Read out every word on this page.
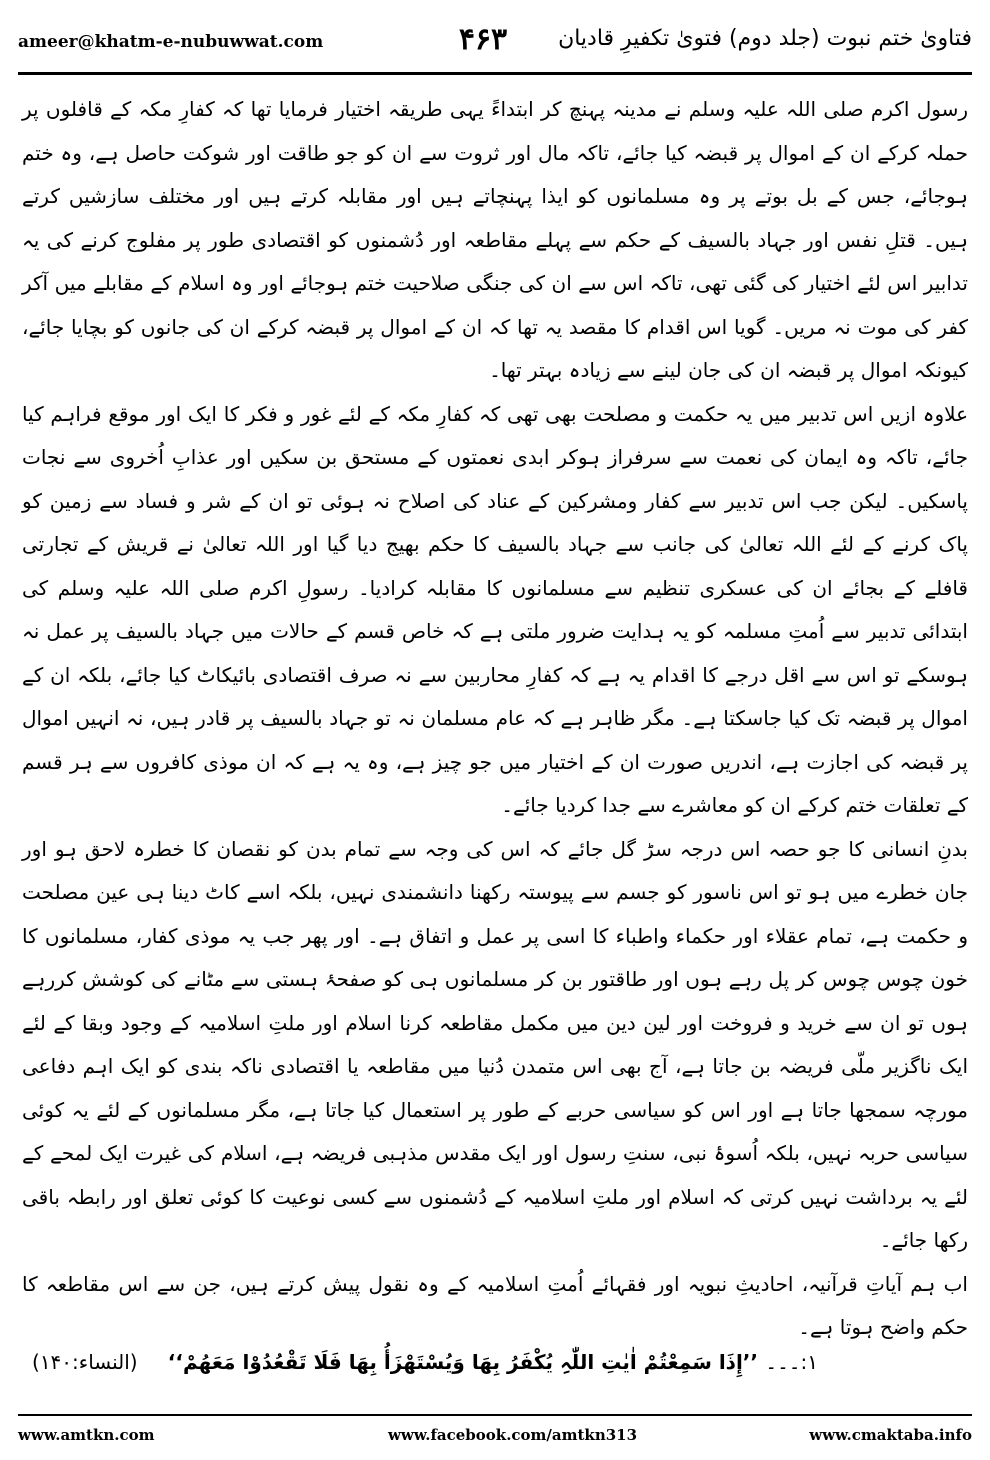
ameer@khatm-e-nubuwwat.com	۴۶۳	فتاویٰ ختم نبوت (جلد دوم) فتویٰ تکفیرِ قادیان

رسول اکرم صلی اللہ علیہ وسلم نے مدینہ پہنچ کر ابتداءً یہی طریقہ اختیار فرمایا تھا کہ کفارِ مکہ کے قافلوں پر حملہ کرکے ان کے اموال پر قبضہ کیا جائے، تاکہ مال اور ثروت سے ان کو جو طاقت اور شوکت حاصل ہے، وہ ختم ہوجائے، جس کے بل بوتے پر وہ مسلمانوں کو ایذا پہنچاتے ہیں اور مقابلہ کرتے ہیں اور مختلف سازشیں کرتے ہیں۔ قتلِ نفس اور جہاد بالسیف کے حکم سے پہلے مقاطعہ اور دُشمنوں کو اقتصادی طور پر مفلوج کرنے کی یہ تدابیر اس لئے اختیار کی گئی تھی، تاکہ اس سے ان کی جنگی صلاحیت ختم ہوجائے اور وہ اسلام کے مقابلے میں آکر کفر کی موت نہ مریں۔ گویا اس اقدام کا مقصد یہ تھا کہ ان کے اموال پر قبضہ کرکے ان کی جانوں کو بچایا جائے، کیونکہ اموال پر قبضہ ان کی جان لینے سے زیادہ بہتر تھا۔

علاوہ ازیں اس تدبیر میں یہ حکمت و مصلحت بھی تھی کہ کفارِ مکہ کے لئے غور و فکر کا ایک اور موقع فراہم کیا جائے، تاکہ وہ ایمان کی نعمت سے سرفراز ہوکر ابدی نعمتوں کے مستحق بن سکیں اور عذابِ اُخروی سے نجات پاسکیں۔ لیکن جب اس تدبیر سے کفار ومشرکین کے عناد کی اصلاح نہ ہوئی تو ان کے شر و فساد سے زمین کو پاک کرنے کے لئے اللہ تعالیٰ کی جانب سے جہاد بالسیف کا حکم بھیج دیا گیا اور اللہ تعالیٰ نے قریش کے تجارتی قافلے کے بجائے ان کی عسکری تنظیم سے مسلمانوں کا مقابلہ کرادیا۔ رسولِ اکرم صلی اللہ علیہ وسلم کی ابتدائی تدبیر سے اُمتِ مسلمہ کو یہ ہدایت ضرور ملتی ہے کہ خاص قسم کے حالات میں جہاد بالسیف پر عمل نہ ہوسکے تو اس سے اقل درجے کا اقدام یہ ہے کہ کفارِ محاربین سے نہ صرف اقتصادی بائیکاٹ کیا جائے، بلکہ ان کے اموال پر قبضہ تک کیا جاسکتا ہے۔ مگر ظاہر ہے کہ عام مسلمان نہ تو جہاد بالسیف پر قادر ہیں، نہ انہیں اموال پر قبضہ کی اجازت ہے، اندریں صورت ان کے اختیار میں جو چیز ہے، وہ یہ ہے کہ ان موذی کافروں سے ہر قسم کے تعلقات ختم کرکے ان کو معاشرے سے جدا کردیا جائے۔

بدنِ انسانی کا جو حصہ اس درجہ سڑ گل جائے کہ اس کی وجہ سے تمام بدن کو نقصان کا خطرہ لاحق ہو اور جان خطرے میں ہو تو اس ناسور کو جسم سے پیوستہ رکھنا دانشمندی نہیں، بلکہ اسے کاٹ دینا ہی عین مصلحت و حکمت ہے، تمام عقلاء اور حکماء واطباء کا اسی پر عمل و اتفاق ہے۔ اور پھر جب یہ موذی کفار، مسلمانوں کا خون چوس چوس کر پل رہے ہوں اور طاقتور بن کر مسلمانوں ہی کو صفحۂ ہستی سے مٹانے کی کوشش کررہے ہوں تو ان سے خرید و فروخت اور لین دین میں مکمل مقاطعہ کرنا اسلام اور ملتِ اسلامیہ کے وجود وبقا کے لئے ایک ناگزیر ملّی فریضہ بن جاتا ہے، آج بھی اس متمدن دُنیا میں مقاطعہ یا اقتصادی ناکہ بندی کو ایک اہم دفاعی مورچہ سمجھا جاتا ہے اور اس کو سیاسی حربے کے طور پر استعمال کیا جاتا ہے، مگر مسلمانوں کے لئے یہ کوئی سیاسی حربہ نہیں، بلکہ اُسوۂ نبی، سنتِ رسول اور ایک مقدس مذہبی فریضہ ہے، اسلام کی غیرت ایک لمحے کے لئے یہ برداشت نہیں کرتی کہ اسلام اور ملتِ اسلامیہ کے دُشمنوں سے کسی نوعیت کا کوئی تعلق اور رابطہ باقی رکھا جائے۔

اب ہم آیاتِ قرآنیہ، احادیثِ نبویہ اور فقہائے اُمتِ اسلامیہ کے وہ نقول پیش کرتے ہیں، جن سے اس مقاطعہ کا حکم واضح ہوتا ہے۔

۱:۔۔۔
’’إِذَا سَمِعْتُمْ اٰیٰتِ اللّٰہِ یُکْفَرُ بِھَا وَیُسْتَھْزَأُ بِھَا فَلَا تَقْعُدُوْا مَعَھُمْ‘‘
(النساء:۱۴۰)
www.amtkn.com	www.facebook.com/amtkn313	www.cmaktaba.info
